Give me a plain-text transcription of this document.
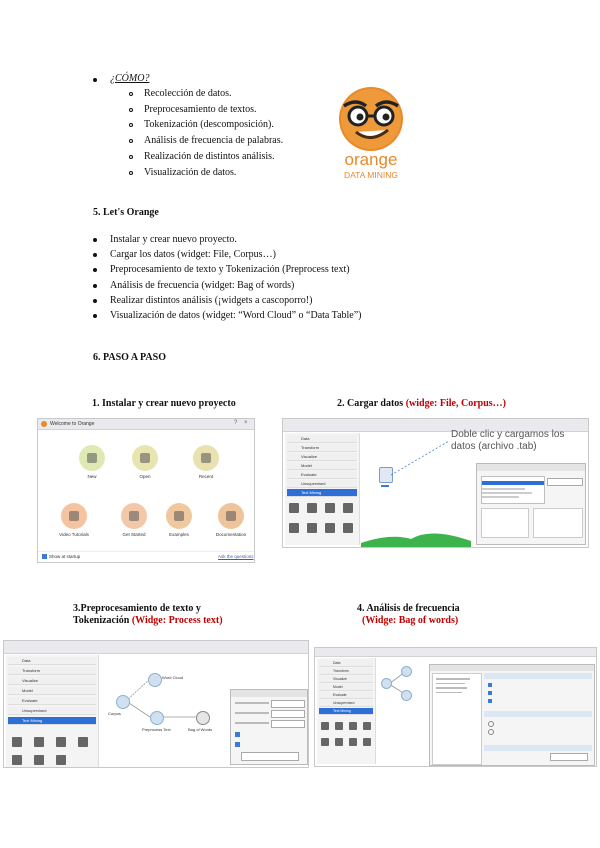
¿CÓMO?
Recolección de datos.
Preprocesamiento de textos.
Tokenización (descomposición).
Análisis de frecuencia de palabras.
Realización de distintos análisis.
Visualización de datos.
orange
DATA MINING
5. Let's Orange
Instalar y crear nuevo proyecto.
Cargar los datos (widget: File, Corpus…)
Preprocesamiento de texto y Tokenización (Preprocess text)
Análisis de frecuencia (widget: Bag of words)
Realizar distintos análisis (¡widgets a cascoporro!)
Visualización de datos (widget: “Word Cloud” o “Data Table”)
6. PASO A PASO
1. Instalar y crear nuevo proyecto	2. Cargar datos (widge: File, Corpus…)
3.Preprocesamiento de texto y
Tokenización (Widge: Process text)
4. Análisis de frecuencia
(Widge: Bag of words)
Welcome to Orange	? ×
New	Open	Recent
Video Tutorials	Get Started	Examples	Documentation
Show at startup	Ask the questions
Data
Transform
Visualize
Model
Evaluate
Unsupervised
Text Mining
Doble clic y cargamos los datos (archivo .tab)
Data
Transform
Visualize
Model
Evaluate
Unsupervised
Text Mining
Corpus
Word Cloud
Preprocess Text	Bag of Words
Data
Transform
Visualize
Model
Evaluate
Unsupervised
Text Mining
